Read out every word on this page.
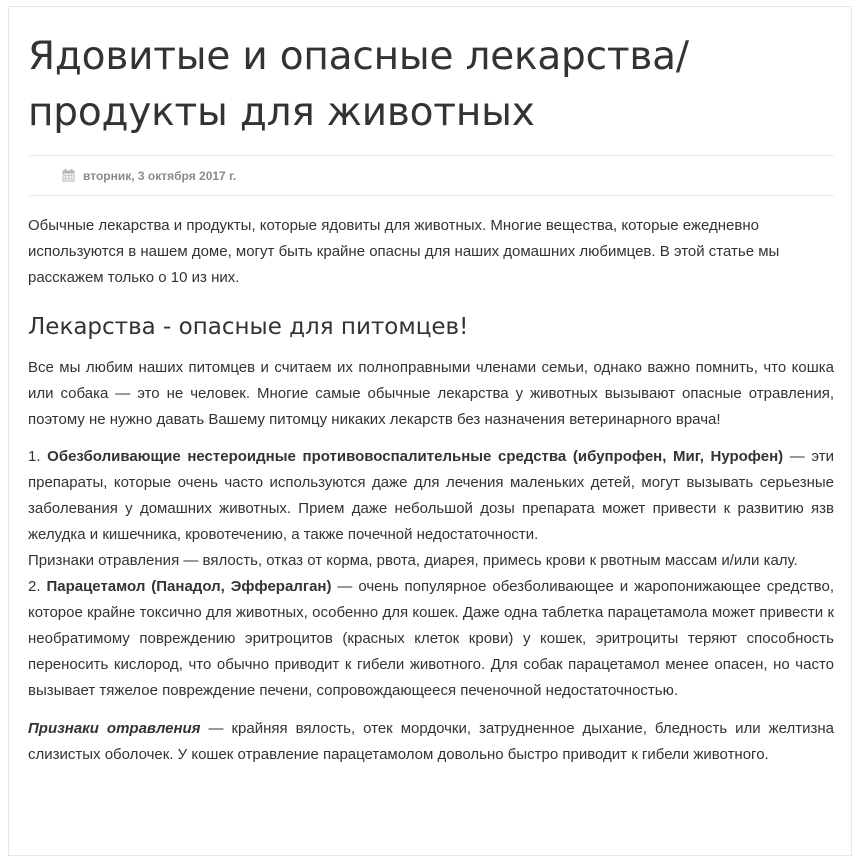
Ядовитые и опасные лекарства/ продукты для животных
вторник, 3 октября 2017 г.

Обычные лекарства и продукты, которые ядовиты для животных. Многие вещества, которые ежедневно используются в нашем доме, могут быть крайне опасны для наших домашних любимцев. В этой статье мы расскажем только о 10 из них.

Лекарства - опасные для питомцев!

Все мы любим наших питомцев и считаем их полноправными членами семьи, однако важно помнить, что кошка или собака — это не человек. Многие самые обычные лекарства у животных вызывают опасные отравления, поэтому не нужно давать Вашему питомцу никаких лекарств без назначения ветеринарного врача!

1. Обезболивающие нестероидные противовоспалительные средства (ибупрофен, Миг, Нурофен) — эти препараты, которые очень часто используются даже для лечения маленьких детей, могут вызывать серьезные заболевания у домашних животных. Прием даже небольшой дозы препарата может привести к развитию язв желудка и кишечника, кровотечению, а также почечной недостаточности.

Признаки отравления — вялость, отказ от корма, рвота, диарея, примесь крови к рвотным массам и/или калу.

2. Парацетамол (Панадол, Эффералган) — очень популярное обезболивающее и жаропонижающее средство, которое крайне токсично для животных, особенно для кошек. Даже одна таблетка парацетамола может привести к необратимому повреждению эритроцитов (красных клеток крови) у кошек, эритроциты теряют способность переносить кислород, что обычно приводит к гибели животного. Для собак парацетамол менее опасен, но часто вызывает тяжелое повреждение печени, сопровождающееся печеночной недостаточностью.

Признаки отравления — крайняя вялость, отек мордочки, затрудненное дыхание, бледность или желтизна слизистых оболочек. У кошек отравление парацетамолом довольно быстро приводит к гибели животного.
